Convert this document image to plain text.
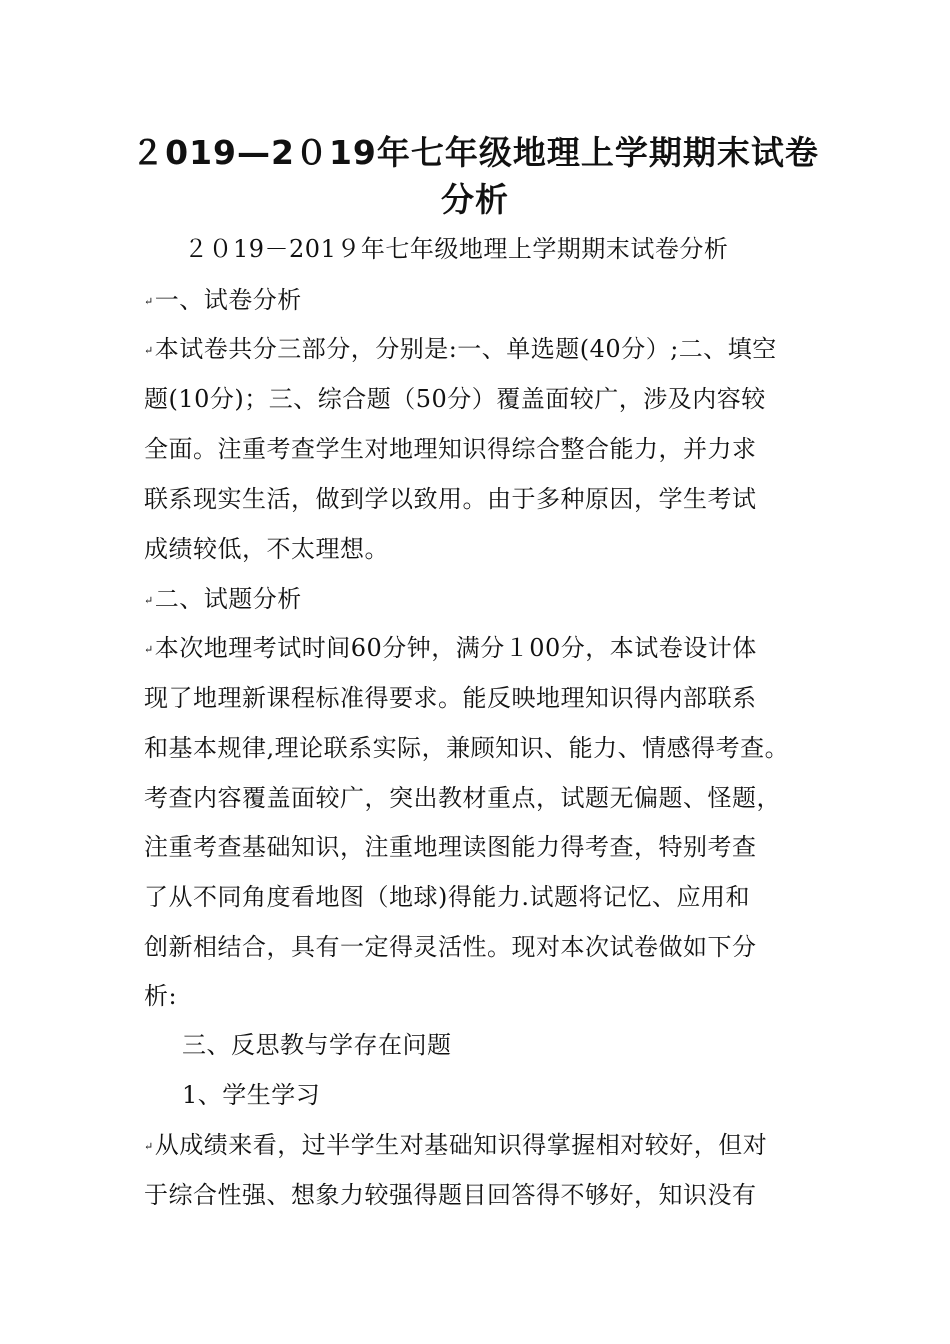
２019—2０19年七年级地理上学期期末试卷
分析
２０19－201９年七年级地理上学期期末试卷分析
↵一、试卷分析
↵本试卷共分三部分，分别是:一、单选题(40分）;二、填空
题(10分)；三、综合题（50分）覆盖面较广，涉及内容较
全面。注重考查学生对地理知识得综合整合能力，并力求
联系现实生活，做到学以致用。由于多种原因，学生考试
成绩较低，不太理想。
↵二、试题分析
↵本次地理考试时间60分钟，满分１00分，本试卷设计体
现了地理新课程标准得要求。能反映地理知识得内部联系
和基本规律,理论联系实际，兼顾知识、能力、情感得考查。
考查内容覆盖面较广，突出教材重点，试题无偏题、怪题，
注重考查基础知识，注重地理读图能力得考查，特别考查
了从不同角度看地图（地球)得能力.试题将记忆、应用和
创新相结合，具有一定得灵活性。现对本次试卷做如下分
析:
三、反思教与学存在问题
1、学生学习
↵从成绩来看，过半学生对基础知识得掌握相对较好，但对
于综合性强、想象力较强得题目回答得不够好，知识没有
